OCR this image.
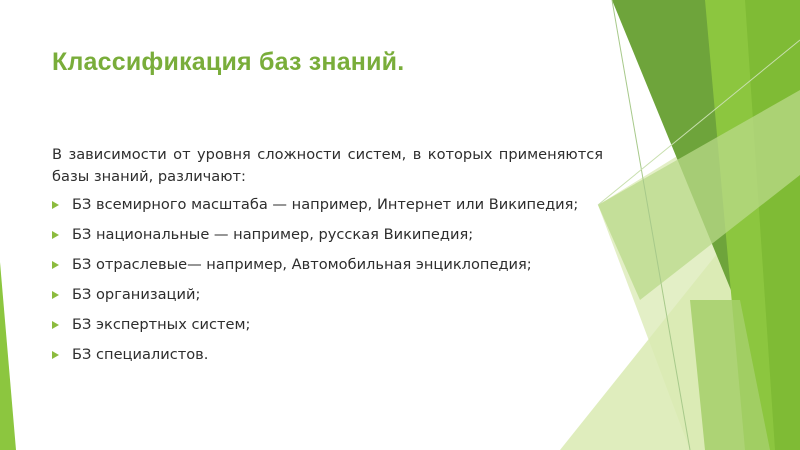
Классификация баз знаний.

В зависимости от уровня сложности систем, в которых применяются базы знаний, различают:

БЗ всемирного масштаба — например, Интернет или Википедия;
БЗ национальные — например, русская Википедия;
БЗ отраслевые— например, Автомобильная энциклопедия;
БЗ организаций;
БЗ экспертных систем;
БЗ специалистов.
